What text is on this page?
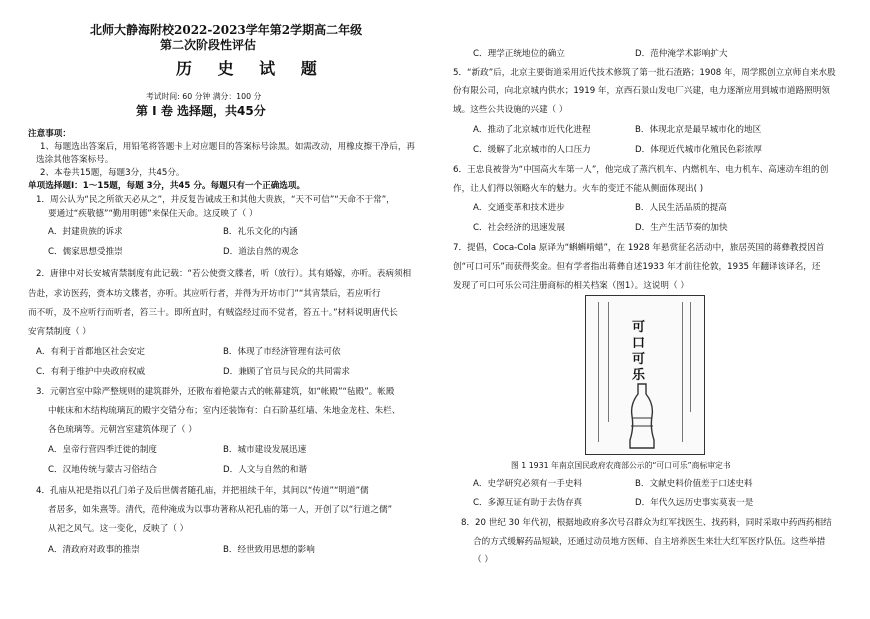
北师大静海附校2022-2023学年第2学期高二年级
第二次阶段性评估
历 史 试 题
考试时间: 60 分钟 满分：100 分
第 Ⅰ 卷 选择题，共45分
注意事项：
1、每题选出答案后，用铅笔将答题卡上对应题目的答案标号涂黑。如需改动，用橡皮擦干净后，再
选涂其他答案标号。
2、本卷共15题，每题3分，共45分。
单项选择题Ⅰ：1～15题，每题 3分，共45 分。每题只有一个正确选项。
1．周公认为“民之所欲天必从之”，并反复告诫成王和其他大贵族，“天不可信”“天命不于常”，
要通过“疾敬德”“勤用明德”来保住天命。这反映了（ ）
A．封建贵族的诉求	B．礼乐文化的内涵
C．儒家思想受推崇	D．道法自然的观念
2．唐律中对长安城宵禁制度有此记载：“若公使赍文牒者，听（放行）。其有婚嫁，亦听。表病须相
告赴，求访医药，赍本坊文牒者，亦听。其应听行者，并得为开坊市门”“其宵禁后，若应听行
而不听，及不应听行而听者，笞三十。即所直时，有贼盗经过而不觉者，笞五十。”材料说明唐代长
安宵禁制度（ ）
A．有利于首都地区社会安定	B．体现了市经济管理有法可依
C．有利于维护中央政府权威	D．兼顾了官员与民众的共同需求
3．元朝宫室中除严整规则的建筑群外，还散布着艳蒙古式的帐幕建筑，如“帐殿”“毡殿”。帐殿
中帐床和木结构琉璃瓦的殿宇交错分布；室内还装饰有：白石阶基红墙、朱地金龙柱、朱栏、
各色琉璃等。元朝宫室建筑体现了（ ）
A．皇帝行营四季迁徙的制度	B．城市建设发展迅速
C．汉地传统与蒙古习俗结合	D．人文与自然的和谐
4．孔庙从祀是指以孔门弟子及后世儒者随孔庙，并把祖续千年，其间以“传道”“明道”儒
者居多，如朱熹等。清代，范仲淹成为以事功著称从祀孔庙的第一人，开创了以“行道之儒”
从祀之风气。这一变化，反映了（ ）
A．清政府对政事的推崇	B．经世致用思想的影响
C．理学正统地位的确立	D．范仲淹学术影响扩大
5．“新政”后，北京主要街道采用近代技术修筑了第一批石渣路；1908 年，周学熙创立京师自来水股
份有限公司，向北京城内供水；1919 年，京西石景山发电厂兴建，电力逐渐应用到城市道路照明领
域。这些公共设施的兴建（ ）
A．推动了北京城市近代化进程	B．体现北京是最早城市化的地区
C．缓解了北京城市的人口压力	D．体现近代城市化殖民色彩浓厚
6．王忠良被誉为“中国高火车第一人”，他完成了蒸汽机车、内燃机车、电力机车、高速动车组的创
作，让人们得以领略火车的魅力。火车的变迁不能从侧面体现出( )
A．交通变革和技术进步	B．人民生活品质的提高
C．社会经济的迅速发展	D．生产生活节奏的加快
7．提倡，Coca-Cola 原译为“蝌蝌啃蜡”，在 1928 年悬赏征名活动中，旅居英国的蒋彝教授因首
创“可口可乐”而获得奖金。但有学者指出蒋彝自述1933 年才前往伦敦，1935 年翻译该译名，还
发现了可口可乐公司注册商标的相关档案（图1）。这说明（ ）
可口可乐
图 1 1931 年南京国民政府农商部公示的“可口可乐”商标审定书
A．史学研究必须有一手史料	B．文献史料价值差于口述史料
C．多源互证有助于去伪存真	D．年代久远历史事实莫衷一是
8．20 世纪 30 年代初，根据地政府多次号召群众为红军找医生、找药料，同时采取中药西药相结
合的方式缓解药品短缺，还通过动员地方医师、自主培养医生来壮大红军医疗队伍。这些举措
（ ）
